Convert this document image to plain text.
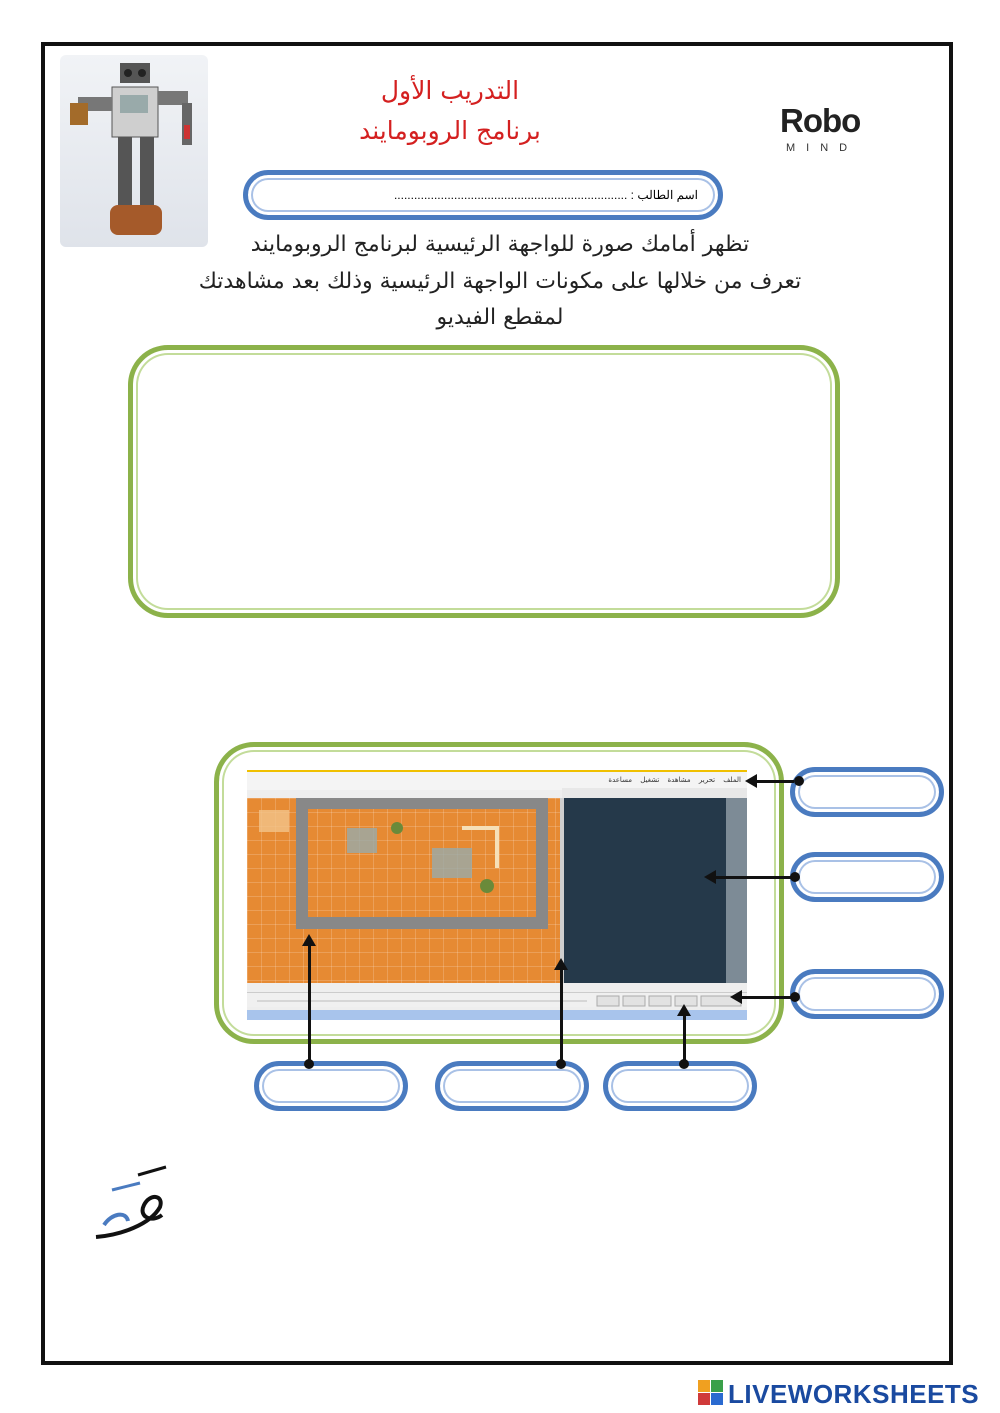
التدريب الأول
برنامج الروبومايند	Robo
MIND
اسم الطالب : ......................................................................
تظهر أمامك صورة للواجهة الرئيسية لبرنامج الروبومايند
تعرف من خلالها على مكونات الواجهة الرئيسية وذلك بعد مشاهدتك
لمقطع الفيديو
الملف تحرير مشاهدة تشغيل مساعدة
LIVEWORKSHEETS
